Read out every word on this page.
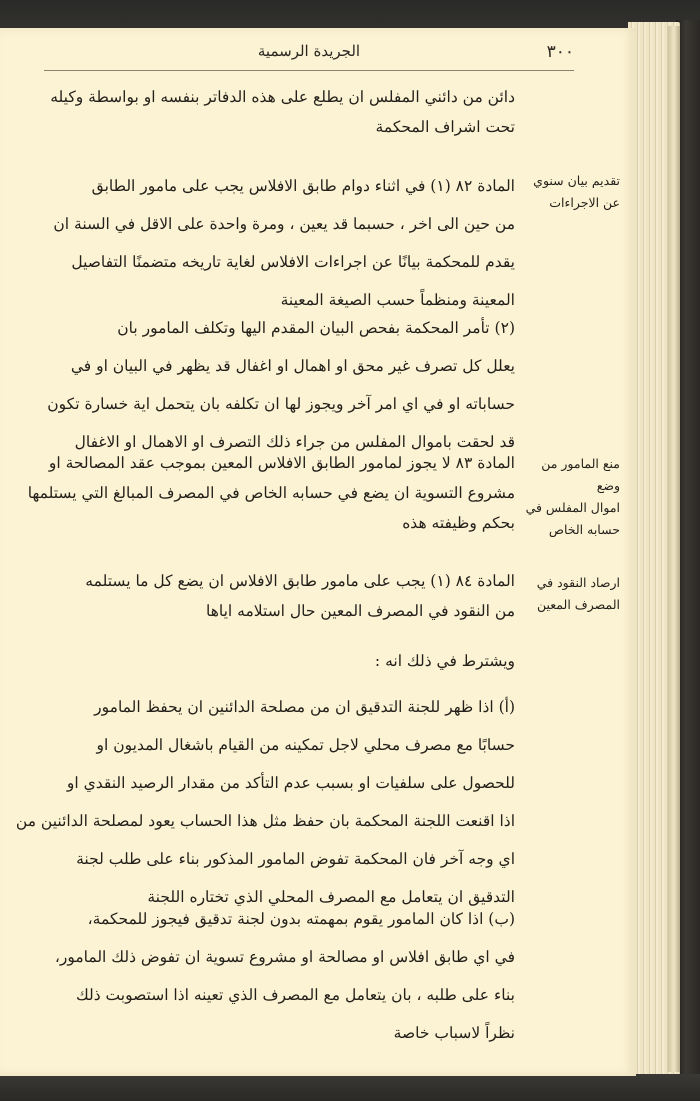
٣٠٠
الجريدة الرسمية
دائن من دائني المفلس ان يطلع على هذه الدفاتر بنفسه او بواسطة وكيله
تحت اشراف المحكمة
تقديم بيان سنوي
عن الاجراءات
المادة ٨٢ (١) في اثناء دوام طابق الافلاس يجب على مامور الطابق
من حين الى اخر ، حسبما قد يعين ، ومرة واحدة على الاقل في السنة ان
يقدم للمحكمة بيانًا عن اجراءات الافلاس لغاية تاريخه متضمنًا التفاصيل
المعينة ومنظماً حسب الصيغة المعينة
(٢) تأمر المحكمة بفحص البيان المقدم اليها وتكلف المامور بان
يعلل كل تصرف غير محق او اهمال او اغفال قد يظهر في البيان او في
حساباته او في اي امر آخر ويجوز لها ان تكلفه بان يتحمل اية خسارة تكون
قد لحقت باموال المفلس من جراء ذلك التصرف او الاهمال او الاغفال
منع المامور من وضع
اموال المفلس في
حسابه الخاص
المادة ٨٣ لا يجوز لمامور الطابق الافلاس المعين بموجب عقد المصالحة او
مشروع التسوية ان يضع في حسابه الخاص في المصرف المبالغ التي يستلمها
بحكم وظيفته هذه
ارصاد النقود في
المصرف المعين
المادة ٨٤ (١) يجب على مامور طابق الافلاس ان يضع كل ما يستلمه
من النقود في المصرف المعين حال استلامه اياها
ويشترط في ذلك انه :
(أ) اذا ظهر للجنة التدقيق ان من مصلحة الدائنين ان يحفظ المامور
حسابًا مع مصرف محلي لاجل تمكينه من القيام باشغال المديون او
للحصول على سلفيات او بسبب عدم التأكد من مقدار الرصيد النقدي او
اذا اقنعت اللجنة المحكمة بان حفظ مثل هذا الحساب يعود لمصلحة الدائنين من
اي وجه آخر فان المحكمة تفوض المامور المذكور بناء على طلب لجنة
التدقيق ان يتعامل مع المصرف المحلي الذي تختاره اللجنة
(ب) اذا كان المامور يقوم بمهمته بدون لجنة تدقيق فيجوز للمحكمة،
في اي طابق افلاس او مصالحة او مشروع تسوية ان تفوض ذلك المامور،
بناء على طلبه ، بان يتعامل مع المصرف الذي تعينه اذا استصوبت ذلك
نظراً لاسباب خاصة
